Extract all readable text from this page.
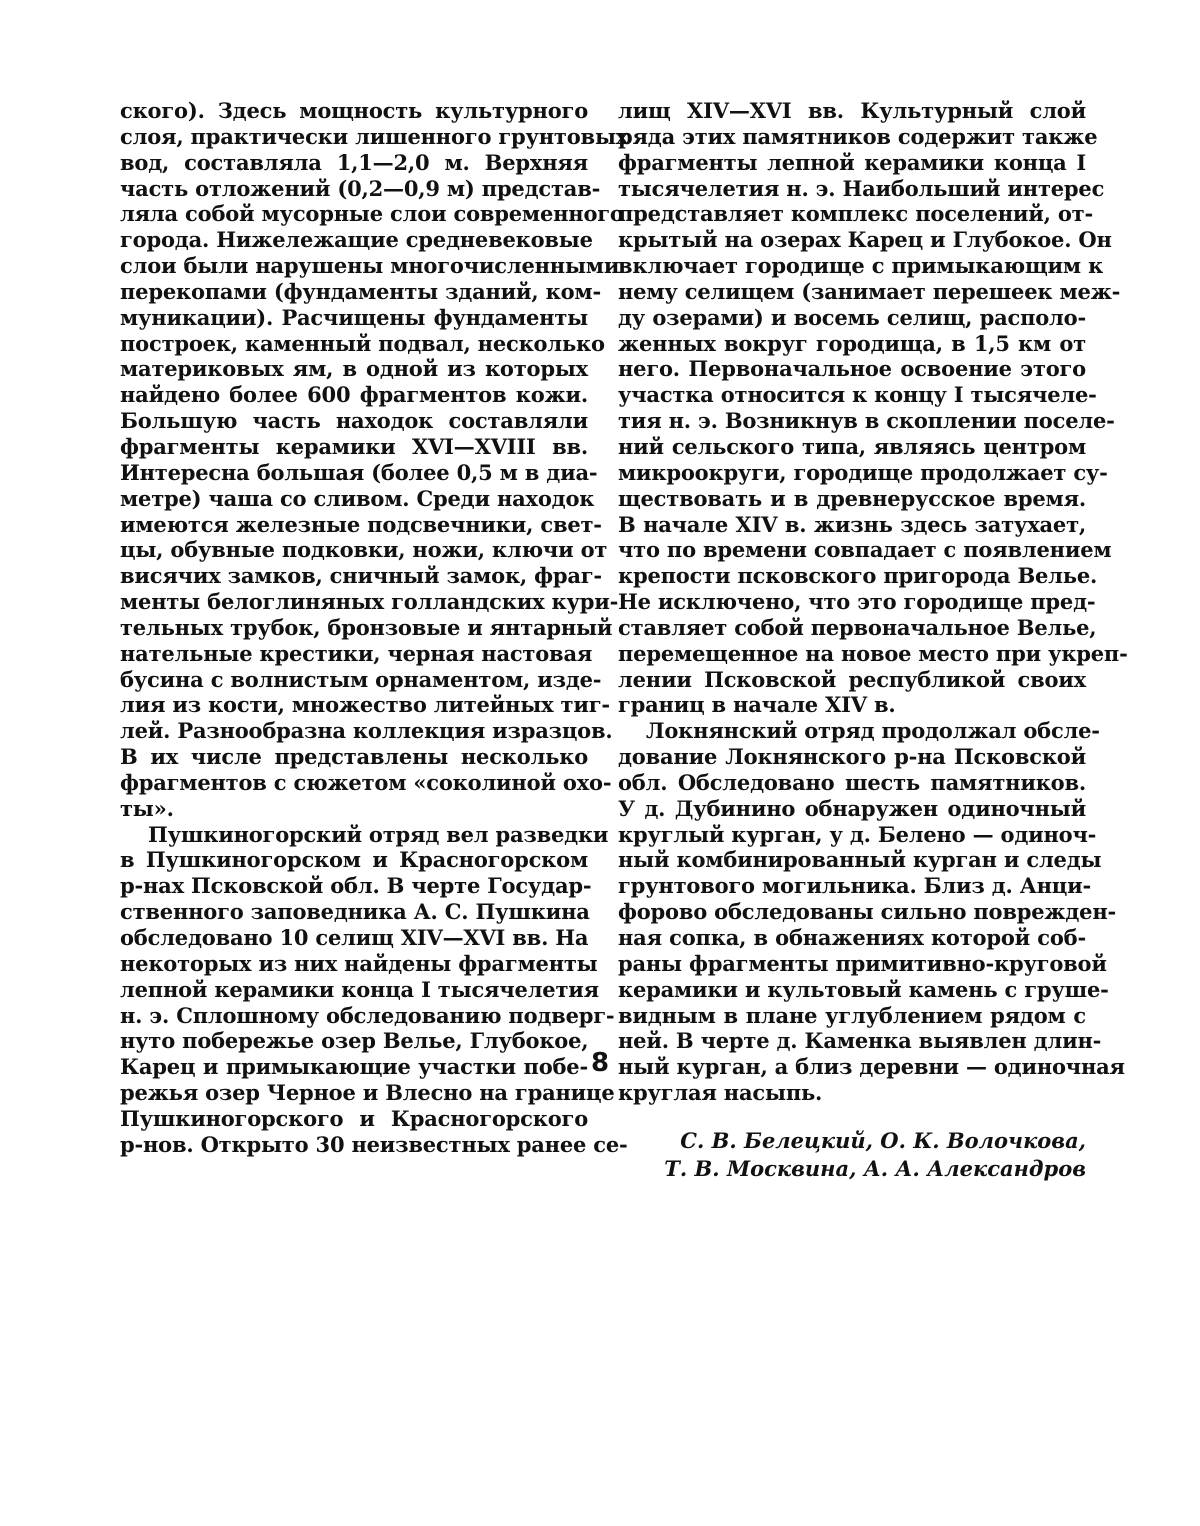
ского). Здесь мощность культурного
слоя, практически лишенного грунтовых
вод, составляла 1,1—2,0 м. Верхняя
часть отложений (0,2—0,9 м) представ-
ляла собой мусорные слои современного
города. Нижележащие средневековые
слои были нарушены многочисленными
перекопами (фундаменты зданий, ком-
муникации). Расчищены фундаменты
построек, каменный подвал, несколько
материковых ям, в одной из которых
найдено более 600 фрагментов кожи.
Большую часть находок составляли
фрагменты керамики XVI—XVIII вв.
Интересна большая (более 0,5 м в диа-
метре) чаша со сливом. Среди находок
имеются железные подсвечники, свет-
цы, обувные подковки, ножи, ключи от
висячих замков, сничный замок, фраг-
менты белоглиняных голландских кури-
тельных трубок, бронзовые и янтарный
нательные крестики, черная настовая
бусина с волнистым орнаментом, изде-
лия из кости, множество литейных тиг-
лей. Разнообразна коллекция изразцов.
В их числе представлены несколько
фрагментов с сюжетом «соколиной охо-
ты».
Пушкиногорский отряд вел разведки
в Пушкиногорском и Красногорском
р-нах Псковской обл. В черте Государ-
ственного заповедника А. С. Пушкина
обследовано 10 селищ XIV—XVI вв. На
некоторых из них найдены фрагменты
лепной керамики конца I тысячелетия
н. э. Сплошному обследованию подверг-
нуто побережье озер Велье, Глубокое,
Карец и примыкающие участки побе-
режья озер Черное и Влесно на границе
Пушкиногорского и Красногорского
р-нов. Открыто 30 неизвестных ранее се-
лищ XIV—XVI вв. Культурный слой
ряда этих памятников содержит также
фрагменты лепной керамики конца I
тысячелетия н. э. Наибольший интерес
представляет комплекс поселений, от-
крытый на озерах Карец и Глубокое. Он
включает городище с примыкающим к
нему селищем (занимает перешеек меж-
ду озерами) и восемь селищ, располо-
женных вокруг городища, в 1,5 км от
него. Первоначальное освоение этого
участка относится к концу I тысячеле-
тия н. э. Возникнув в скоплении поселе-
ний сельского типа, являясь центром
микроокруги, городище продолжает су-
ществовать и в древнерусское время.
В начале XIV в. жизнь здесь затухает,
что по времени совпадает с появлением
крепости псковского пригорода Велье.
Не исключено, что это городище пред-
ставляет собой первоначальное Велье,
перемещенное на новое место при укреп-
лении Псковской республикой своих
границ в начале XIV в.
Локнянский отряд продолжал обсле-
дование Локнянского р-на Псковской
обл. Обследовано шесть памятников.
У д. Дубинино обнаружен одиночный
круглый курган, у д. Белено — одиноч-
ный комбинированный курган и следы
грунтового могильника. Близ д. Анци-
форово обследованы сильно поврежден-
ная сопка, в обнажениях которой соб-
раны фрагменты примитивно-круговой
керамики и культовый камень с груше-
видным в плане углублением рядом с
ней. В черте д. Каменка выявлен длин-
ный курган, а близ деревни — одиночная
круглая насыпь.
С. В. Белецкий, О. К. Волочкова,
Т. В. Москвина, А. А. Александров
8
